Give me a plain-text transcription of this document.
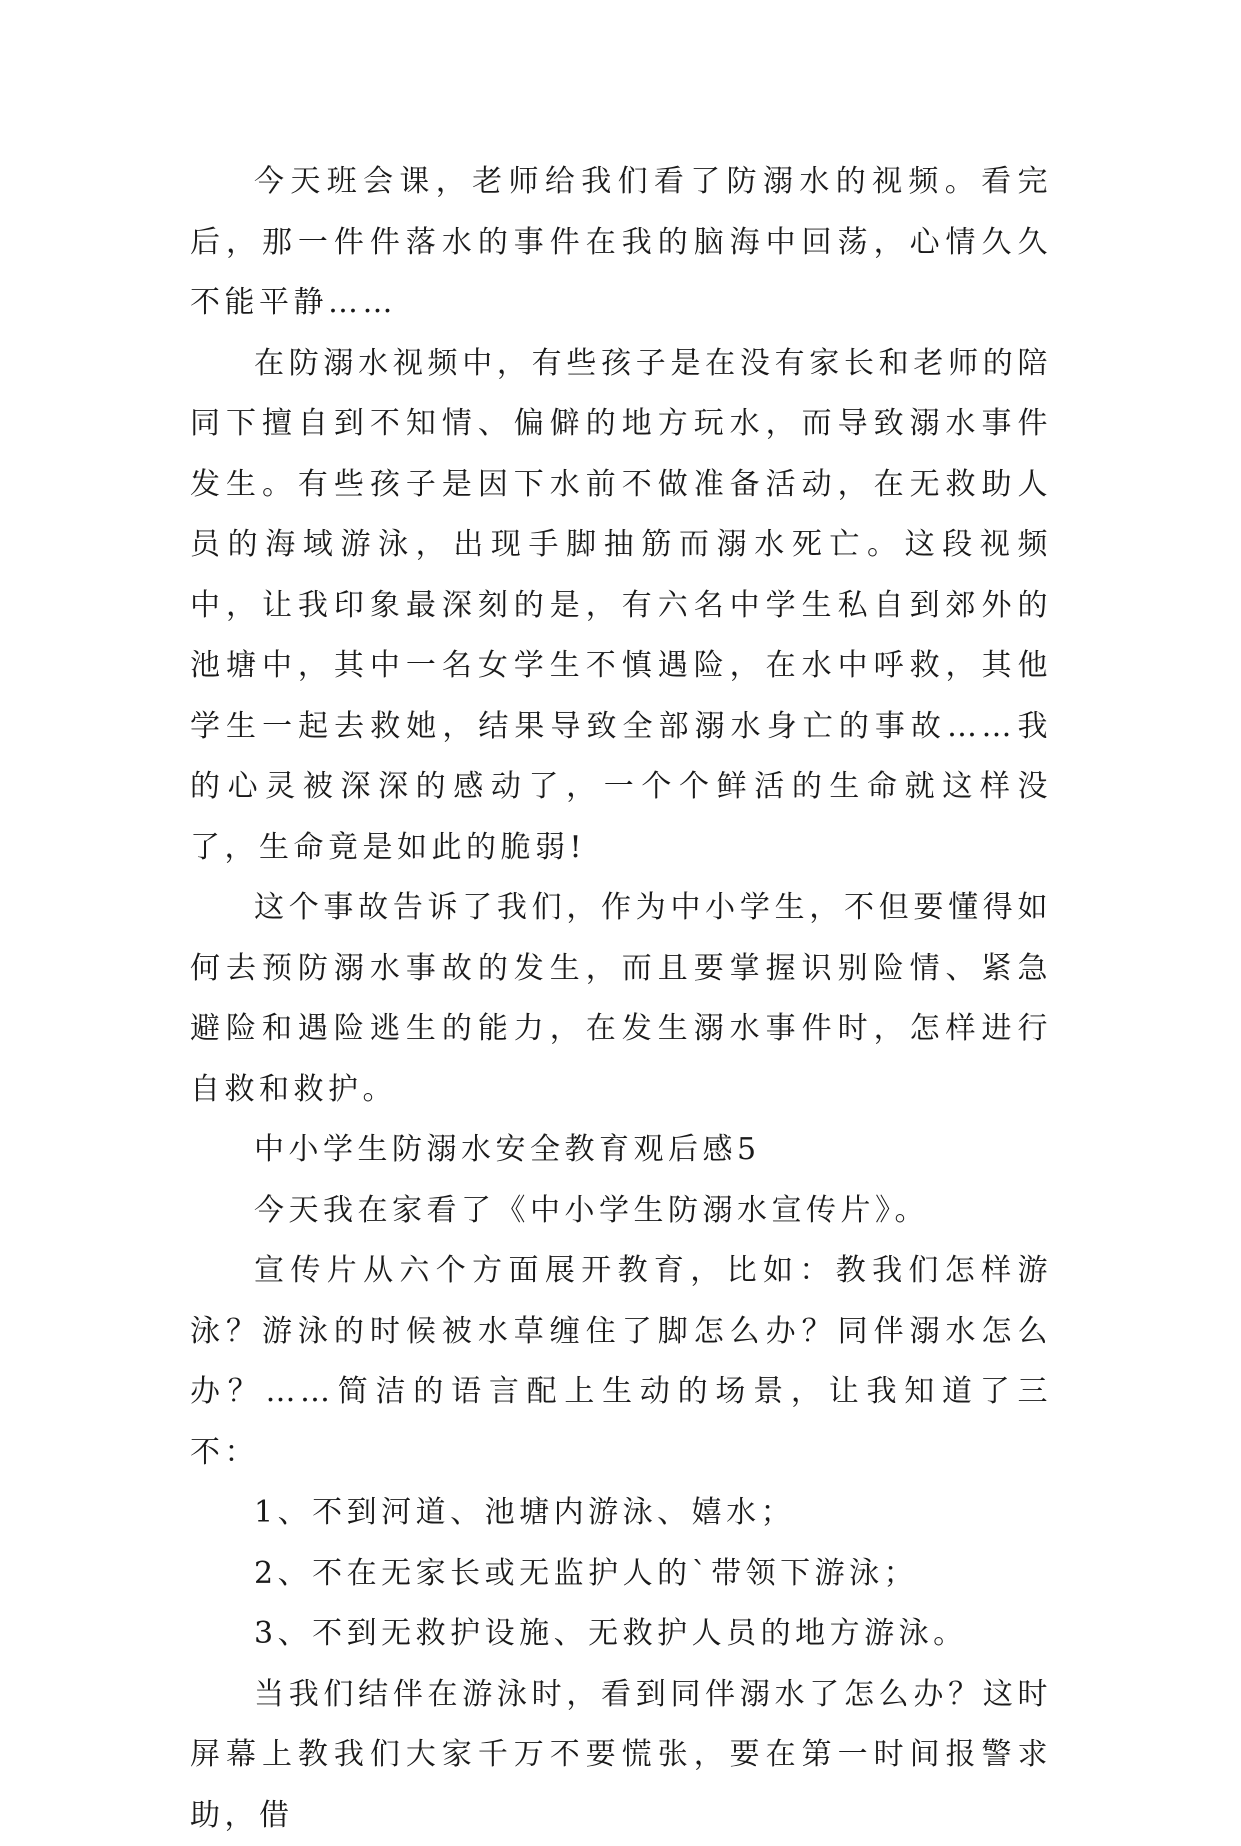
今天班会课，老师给我们看了防溺水的视频。看完后，那一件件落水的事件在我的脑海中回荡，心情久久不能平静……

在防溺水视频中，有些孩子是在没有家长和老师的陪同下擅自到不知情、偏僻的地方玩水，而导致溺水事件发生。有些孩子是因下水前不做准备活动，在无救助人员的海域游泳，出现手脚抽筋而溺水死亡。这段视频中，让我印象最深刻的是，有六名中学生私自到郊外的池塘中，其中一名女学生不慎遇险，在水中呼救，其他学生一起去救她，结果导致全部溺水身亡的事故……我的心灵被深深的感动了，一个个鲜活的生命就这样没了，生命竟是如此的脆弱!

这个事故告诉了我们，作为中小学生，不但要懂得如何去预防溺水事故的发生，而且要掌握识别险情、紧急避险和遇险逃生的能力，在发生溺水事件时，怎样进行自救和救护。

中小学生防溺水安全教育观后感5

今天我在家看了《中小学生防溺水宣传片》。

宣传片从六个方面展开教育，比如：教我们怎样游泳？游泳的时候被水草缠住了脚怎么办？同伴溺水怎么办？……简洁的语言配上生动的场景，让我知道了三不：

1、不到河道、池塘内游泳、嬉水；

2、不在无家长或无监护人的`带领下游泳；

3、不到无救护设施、无救护人员的地方游泳。

当我们结伴在游泳时，看到同伴溺水了怎么办？这时屏幕上教我们大家千万不要慌张，要在第一时间报警求助，借
